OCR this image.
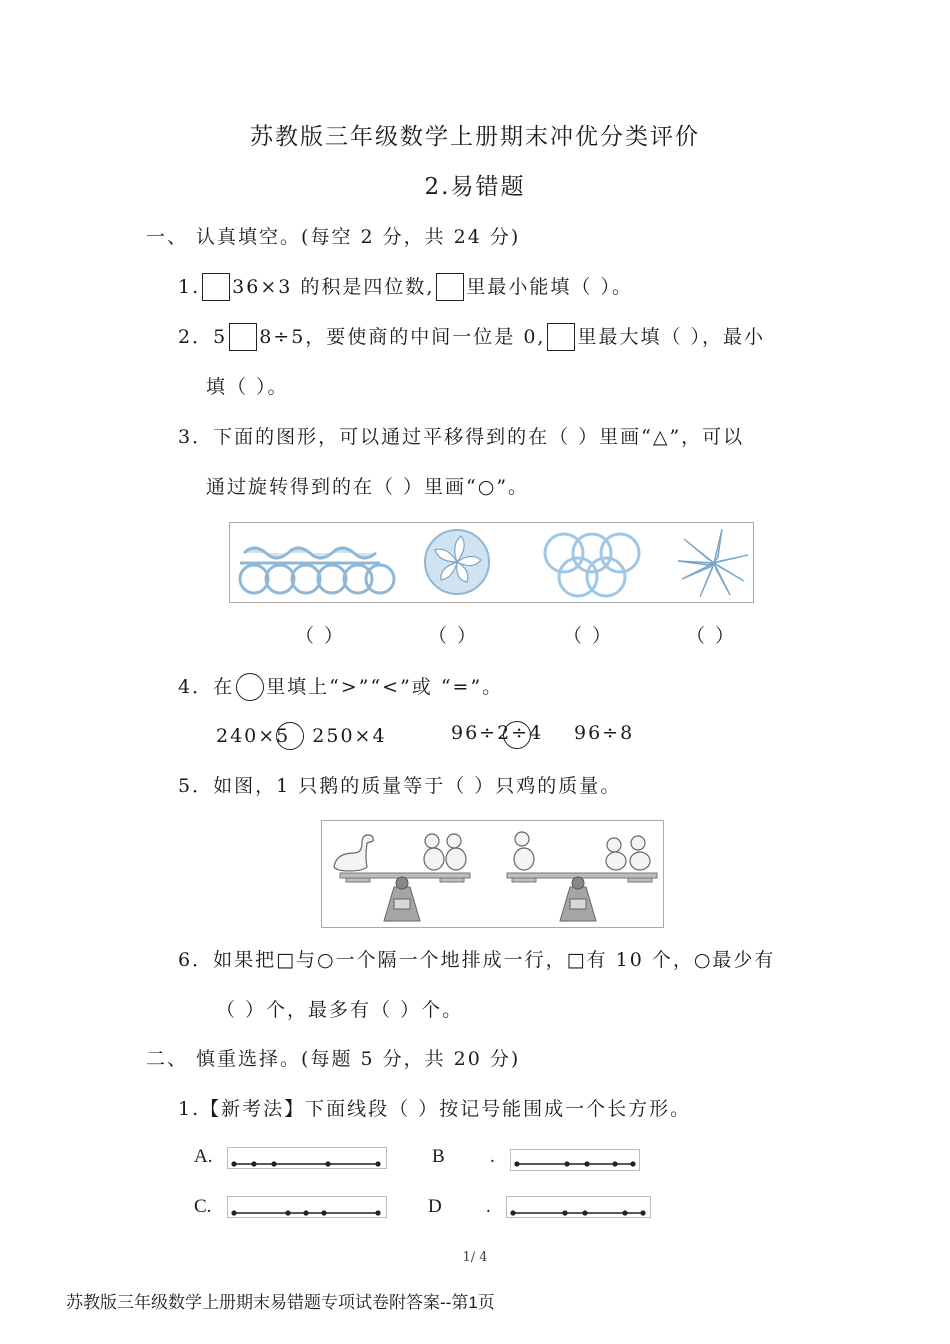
苏教版三年级数学上册期末冲优分类评价
2.易错题
一、 认真填空。(每空 2 分，共 24 分)
1. 36×3 的积是四位数, 里最小能填（ ）。
2．5 8÷5，要使商的中间一位是 0, 里最大填（ ），最小
填（ ）。
3．下面的图形，可以通过平移得到的在（ ）里画“△”，可以
通过旋转得到的在（ ）里画“○”。
（ ）	（ ）	（ ）	（ ）
4．在 里填上“>”“<”或 “=”。
240×5 250×4	96÷2÷4 96÷8
5．如图，1 只鹅的质量等于（ ）只鸡的质量。
6．如果把□与○一个隔一个地排成一行，□有 10 个，○最少有
（ ）个，最多有（ ）个。
二、 慎重选择。(每题 5 分，共 20 分)
1.【新考法】下面线段（ ）按记号能围成一个长方形。
A.	B .
C.	D .
1/ 4
苏教版三年级数学上册期末易错题专项试卷附答案--第1页
